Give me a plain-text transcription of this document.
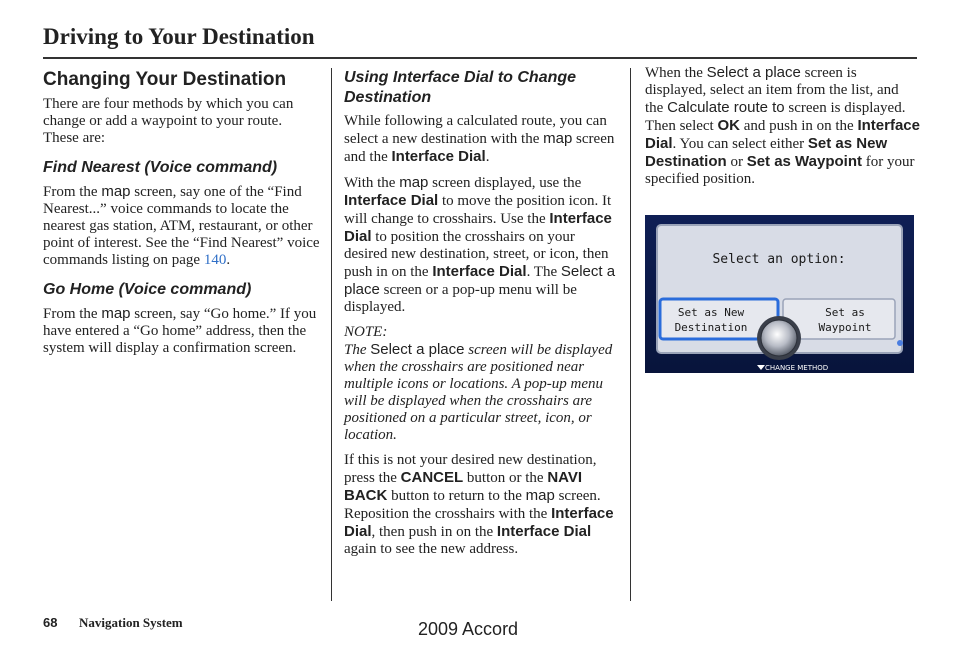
Driving to Your Destination
Changing Your Destination

There are four methods by which you can change or add a waypoint to your route. These are:

Find Nearest (Voice command)

From the map screen, say one of the “Find Nearest...” voice commands to locate the nearest gas station, ATM, restaurant, or other point of interest. See the “Find Nearest” voice commands listing on page 140.

Go Home (Voice command)

From the map screen, say “Go home.” If you have entered a “Go home” address, then the system will display a confirmation screen.

Using Interface Dial to Change Destination

While following a calculated route, you can select a new destination with the map screen and the Interface Dial.

With the map screen displayed, use the Interface Dial to move the position icon. It will change to crosshairs. Use the Interface Dial to position the crosshairs on your desired new destination, street, or icon, then push in on the Interface Dial. The Select a place screen or a pop-up menu will be displayed.

NOTE:
The Select a place screen will be displayed when the crosshairs are positioned near multiple icons or locations. A pop-up menu will be displayed when the crosshairs are positioned on a particular street, icon, or location.

If this is not your desired new destination, press the CANCEL button or the NAVI BACK button to return to the map screen. Reposition the crosshairs with the Interface Dial, then push in on the Interface Dial again to see the new address.

When the Select a place screen is displayed, select an item from the list, and the Calculate route to screen is displayed. Then select OK and push in on the Interface Dial. You can select either Set as New Destination or Set as Waypoint for your specified position.

Select an option:
Set as New
Destination
Set as
Waypoint
CHANGE METHOD
68 Navigation System	2009 Accord
